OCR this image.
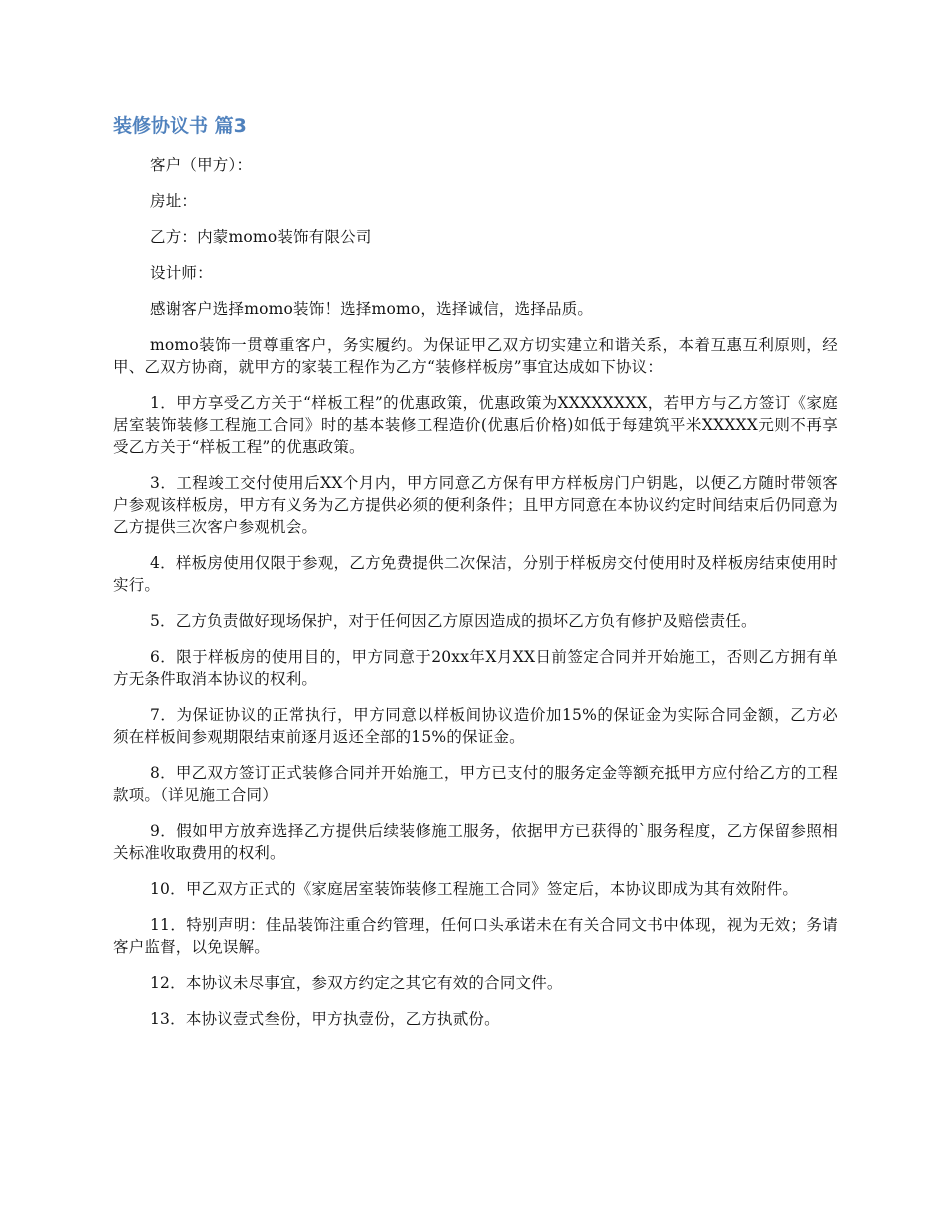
装修协议书 篇3

客户（甲方）：

房址：

乙方：内蒙momo装饰有限公司

设计师：

感谢客户选择momo装饰！选择momo，选择诚信，选择品质。

momo装饰一贯尊重客户，务实履约。为保证甲乙双方切实建立和谐关系，本着互惠互利原则，经甲、乙双方协商，就甲方的家装工程作为乙方“装修样板房”事宜达成如下协议：

1．甲方享受乙方关于“样板工程”的优惠政策，优惠政策为XXXXXXXX，若甲方与乙方签订《家庭居室装饰装修工程施工合同》时的基本装修工程造价(优惠后价格)如低于每建筑平米XXXXX元则不再享受乙方关于“样板工程”的优惠政策。

3．工程竣工交付使用后XX个月内，甲方同意乙方保有甲方样板房门户钥匙，以便乙方随时带领客户参观该样板房，甲方有义务为乙方提供必须的便利条件；且甲方同意在本协议约定时间结束后仍同意为乙方提供三次客户参观机会。

4．样板房使用仅限于参观，乙方免费提供二次保洁，分别于样板房交付使用时及样板房结束使用时实行。

5．乙方负责做好现场保护，对于任何因乙方原因造成的损坏乙方负有修护及赔偿责任。

6．限于样板房的使用目的，甲方同意于20xx年X月XX日前签定合同并开始施工，否则乙方拥有单方无条件取消本协议的权利。

7．为保证协议的正常执行，甲方同意以样板间协议造价加15%的保证金为实际合同金额，乙方必须在样板间参观期限结束前逐月返还全部的15%的保证金。

8．甲乙双方签订正式装修合同并开始施工，甲方已支付的服务定金等额充抵甲方应付给乙方的工程款项。（详见施工合同）

9．假如甲方放弃选择乙方提供后续装修施工服务，依据甲方已获得的`服务程度，乙方保留参照相关标准收取费用的权利。

10．甲乙双方正式的《家庭居室装饰装修工程施工合同》签定后，本协议即成为其有效附件。

11．特别声明：佳品装饰注重合约管理，任何口头承诺未在有关合同文书中体现，视为无效；务请客户监督，以免误解。

12．本协议未尽事宜，参双方约定之其它有效的合同文件。

13．本协议壹式叁份，甲方执壹份，乙方执贰份。
